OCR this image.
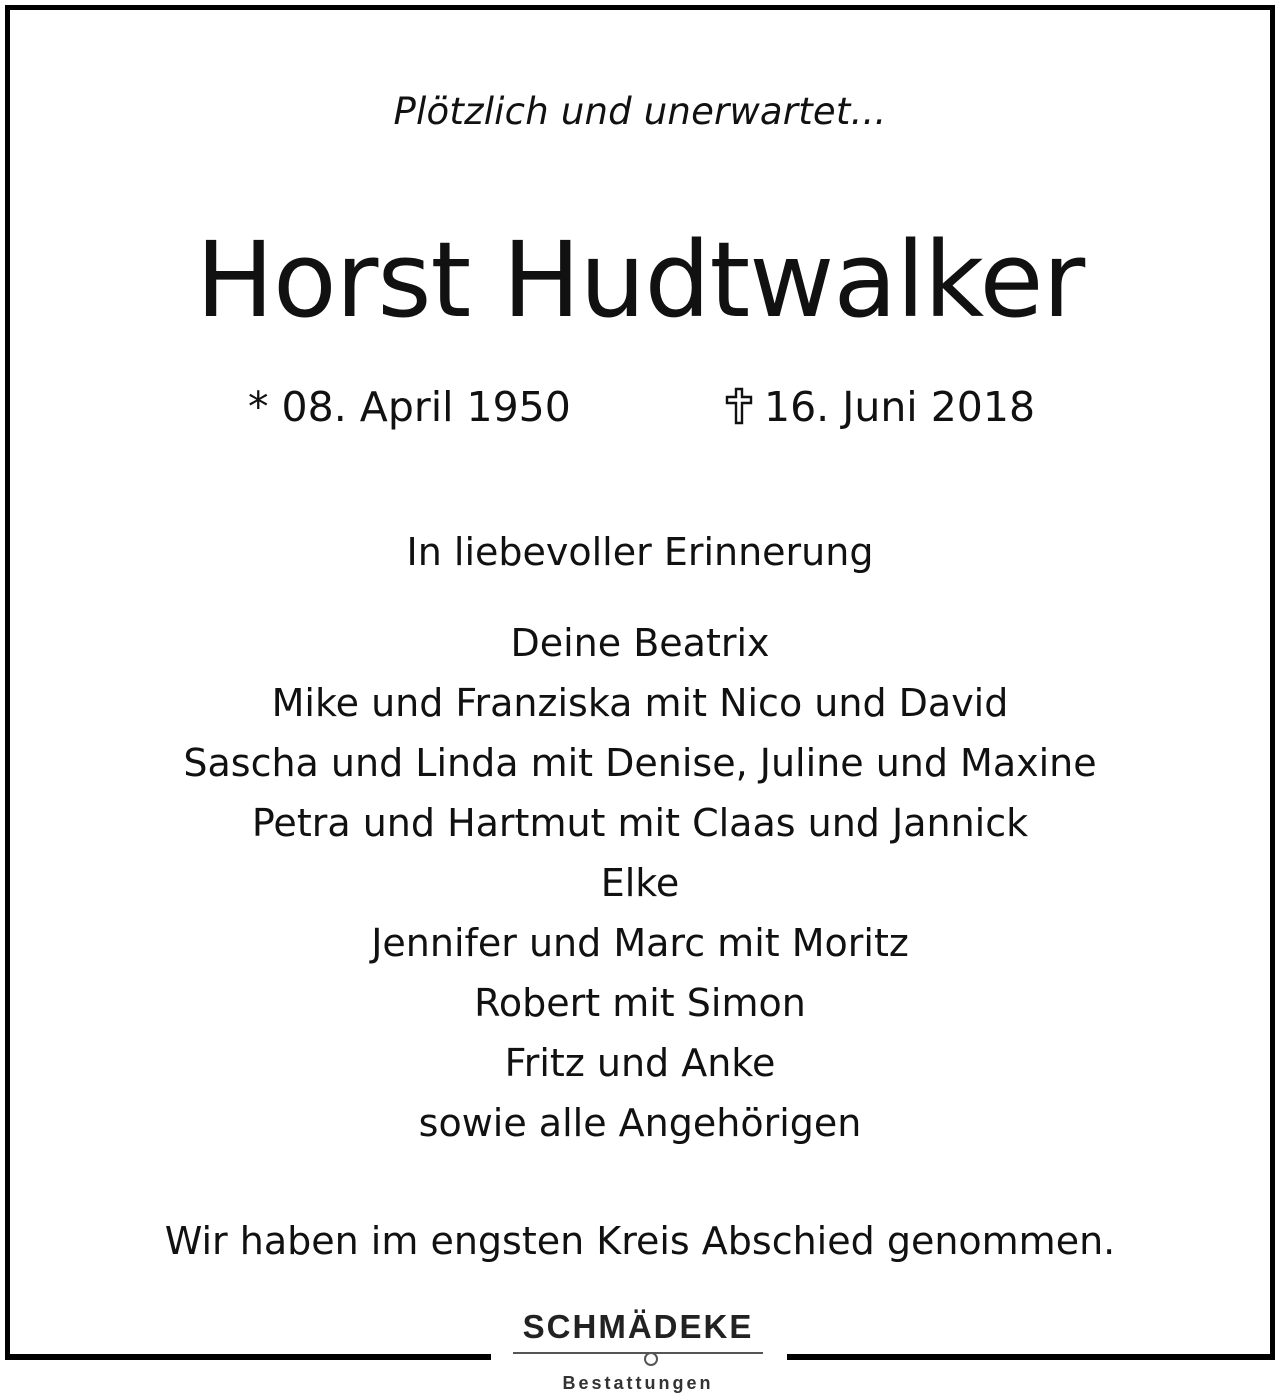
Plötzlich und unerwartet...
Horst Hudtwalker
* 08. April 1950	16. Juni 2018
In liebevoller Erinnerung
Deine Beatrix
Mike und Franziska mit Nico und David
Sascha und Linda mit Denise, Juline und Maxine
Petra und Hartmut mit Claas und Jannick
Elke
Jennifer und Marc mit Moritz
Robert mit Simon
Fritz und Anke
sowie alle Angehörigen
Wir haben im engsten Kreis Abschied genommen.
SCHMÄDEKE
Bestattungen
